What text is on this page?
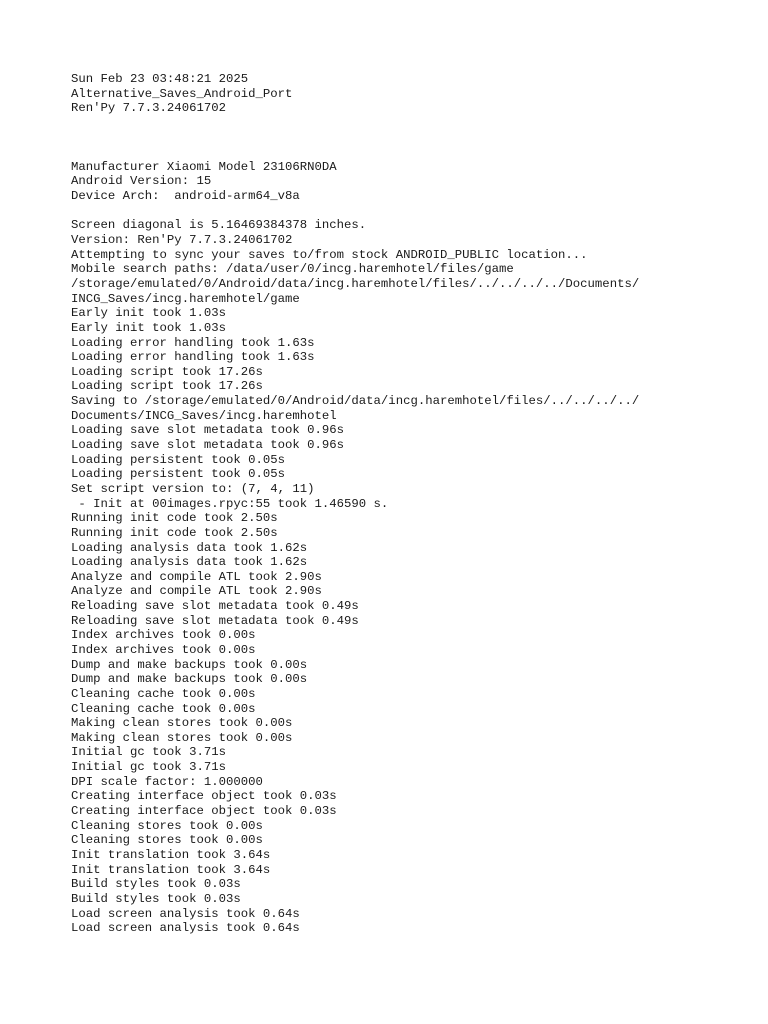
Sun Feb 23 03:48:21 2025
Alternative_Saves_Android_Port
Ren'Py 7.7.3.24061702
Manufacturer Xiaomi Model 23106RN0DA
Android Version: 15
Device Arch:  android-arm64_v8a
Screen diagonal is 5.16469384378 inches.
Version: Ren'Py 7.7.3.24061702
Attempting to sync your saves to/from stock ANDROID_PUBLIC location...
Mobile search paths: /data/user/0/incg.haremhotel/files/game
/storage/emulated/0/Android/data/incg.haremhotel/files/../../../../Documents/
INCG_Saves/incg.haremhotel/game
Early init took 1.03s
Early init took 1.03s
Loading error handling took 1.63s
Loading error handling took 1.63s
Loading script took 17.26s
Loading script took 17.26s
Saving to /storage/emulated/0/Android/data/incg.haremhotel/files/../../../../
Documents/INCG_Saves/incg.haremhotel
Loading save slot metadata took 0.96s
Loading save slot metadata took 0.96s
Loading persistent took 0.05s
Loading persistent took 0.05s
Set script version to: (7, 4, 11)
- Init at 00images.rpyc:55 took 1.46590 s.
Running init code took 2.50s
Running init code took 2.50s
Loading analysis data took 1.62s
Loading analysis data took 1.62s
Analyze and compile ATL took 2.90s
Analyze and compile ATL took 2.90s
Reloading save slot metadata took 0.49s
Reloading save slot metadata took 0.49s
Index archives took 0.00s
Index archives took 0.00s
Dump and make backups took 0.00s
Dump and make backups took 0.00s
Cleaning cache took 0.00s
Cleaning cache took 0.00s
Making clean stores took 0.00s
Making clean stores took 0.00s
Initial gc took 3.71s
Initial gc took 3.71s
DPI scale factor: 1.000000
Creating interface object took 0.03s
Creating interface object took 0.03s
Cleaning stores took 0.00s
Cleaning stores took 0.00s
Init translation took 3.64s
Init translation took 3.64s
Build styles took 0.03s
Build styles took 0.03s
Load screen analysis took 0.64s
Load screen analysis took 0.64s
